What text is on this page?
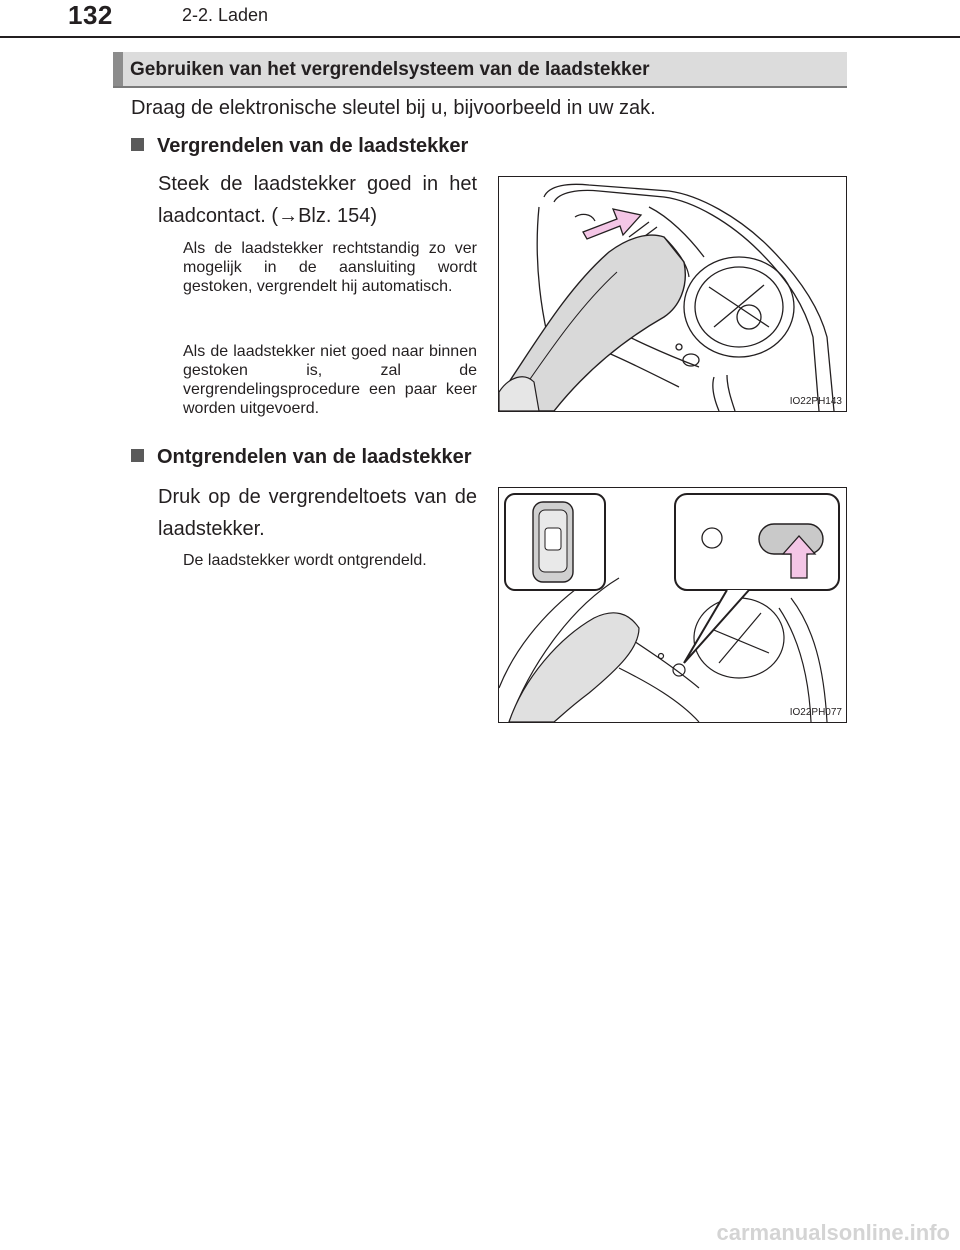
132	2-2. Laden
Gebruiken van het vergrendelsysteem van de laadstekker
Draag de elektronische sleutel bij u, bijvoorbeeld in uw zak.
Vergrendelen van de laadstekker
Steek de laadstekker goed in het laadcontact. (→Blz. 154)
Als de laadstekker rechtstandig zo ver mogelijk in de aansluiting wordt gestoken, vergrendelt hij automatisch.
Als de laadstekker niet goed naar binnen gestoken is, zal de vergrendelingsprocedure een paar keer worden uitgevoerd.	IO22PH143
Ontgrendelen van de laadstekker
Druk op de vergrendeltoets van de laadstekker.
De laadstekker wordt ontgrendeld.
IO22PH077
carmanualsonline.info
